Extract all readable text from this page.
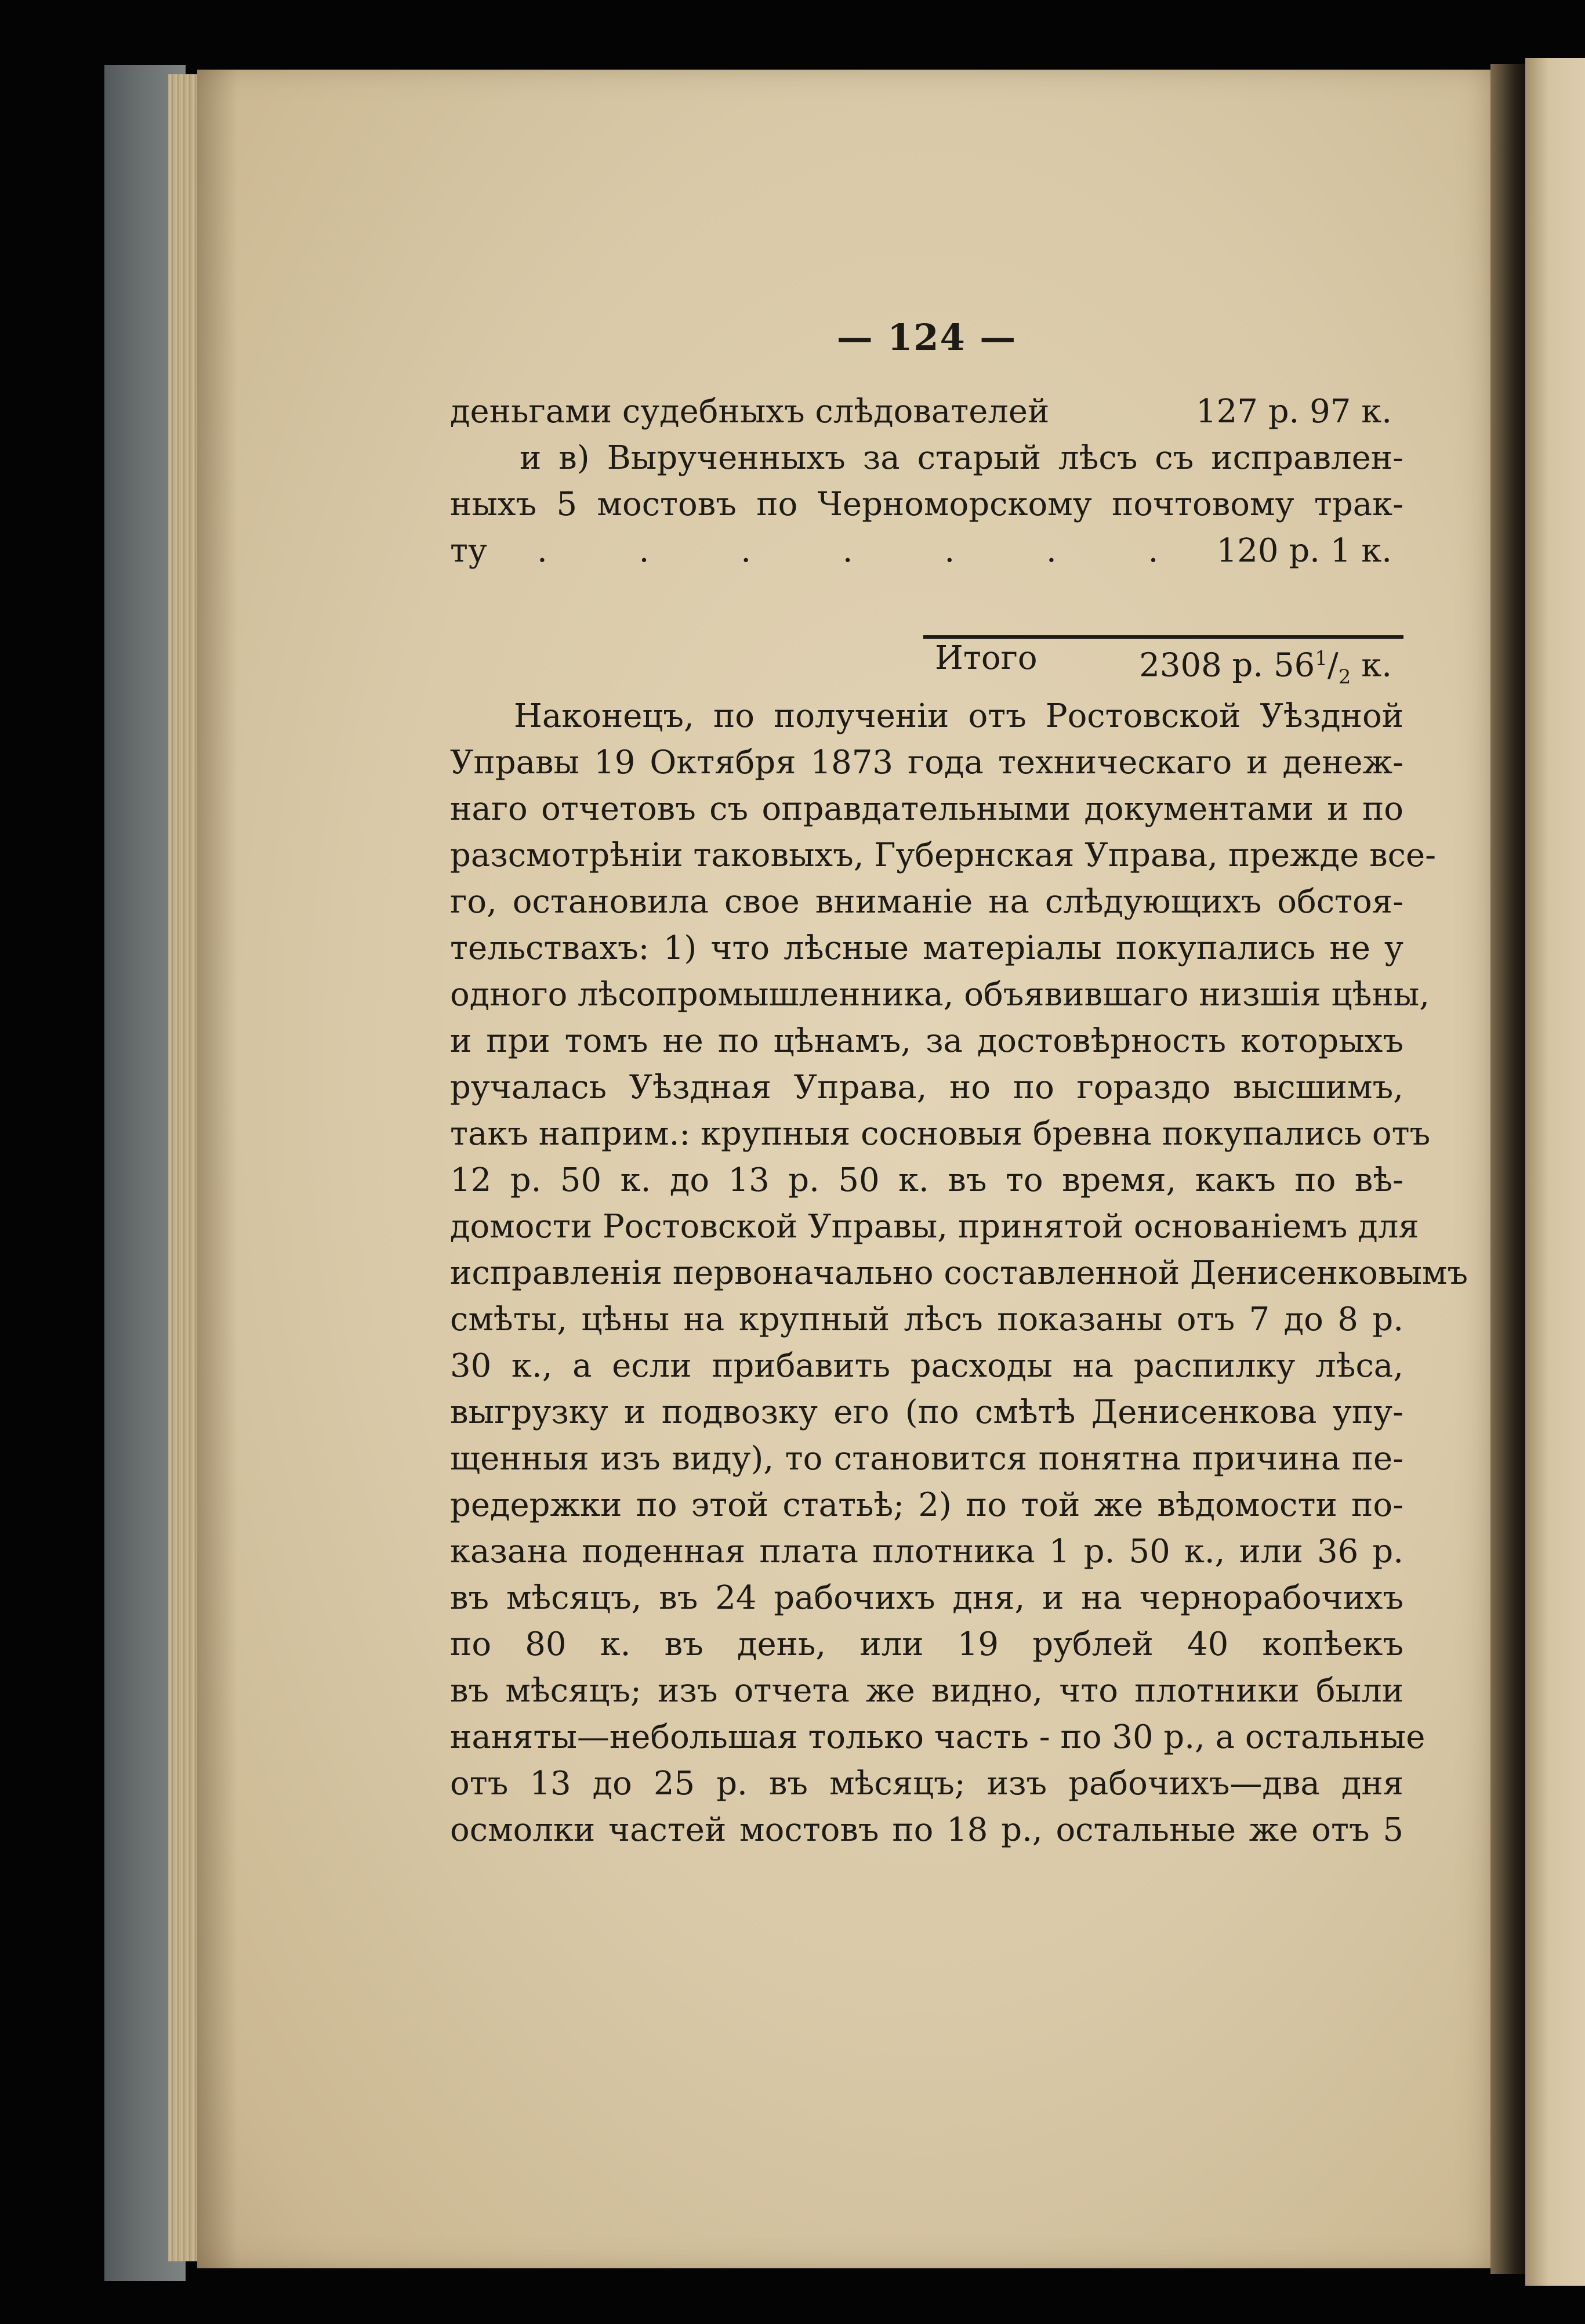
— 124 —
деньгами судебныхъ слѣдователей	127 р. 97 к.
и в) Вырученныхъ за старый лѣсъ съ исправлен-
ныхъ 5 мостовъ по Черноморскому почтовому трак-
ту . . . . . . . 120 р. 1 к.
Итого	2308 р. $56^1/_2$ к.
Наконецъ, по полученіи отъ Ростовской Уѣздной
Управы 19 Октября 1873 года техническаго и денеж-
наго отчетовъ съ оправдательными документами и по
разсмотрѣніи таковыхъ, Губернская Управа, прежде все-
го, остановила свое вниманіе на слѣдующихъ обстоя-
тельствахъ: 1) что лѣсные матеріалы покупались не у
одного лѣсопромышленника, объявившаго низшія цѣны,
и при томъ не по цѣнамъ, за достовѣрность которыхъ
ручалась Уѣздная Управа, но по гораздо высшимъ,
такъ наприм.: крупныя сосновыя бревна покупались отъ
12 р. 50 к. до 13 р. 50 к. въ то время, какъ по вѣ-
домости Ростовской Управы, принятой основаніемъ для
исправленія первоначально составленной Денисенковымъ
смѣты, цѣны на крупный лѣсъ показаны отъ 7 до 8 р.
30 к., а если прибавить расходы на распилку лѣса,
выгрузку и подвозку его (по смѣтѣ Денисенкова упу-
щенныя изъ виду), то становится понятна причина пе-
редержки по этой статьѣ; 2) по той же вѣдомости по-
казана поденная плата плотника 1 р. 50 к., или 36 р.
въ мѣсяцъ, въ 24 рабочихъ дня, и на чернорабочихъ
по 80 к. въ день, или 19 рублей 40 копѣекъ
въ мѣсяцъ; изъ отчета же видно, что плотники были
наняты—небольшая только часть - по 30 р., а остальные
отъ 13 до 25 р. въ мѣсяцъ; изъ рабочихъ—два дня
осмолки частей мостовъ по 18 р., остальные же отъ 5
